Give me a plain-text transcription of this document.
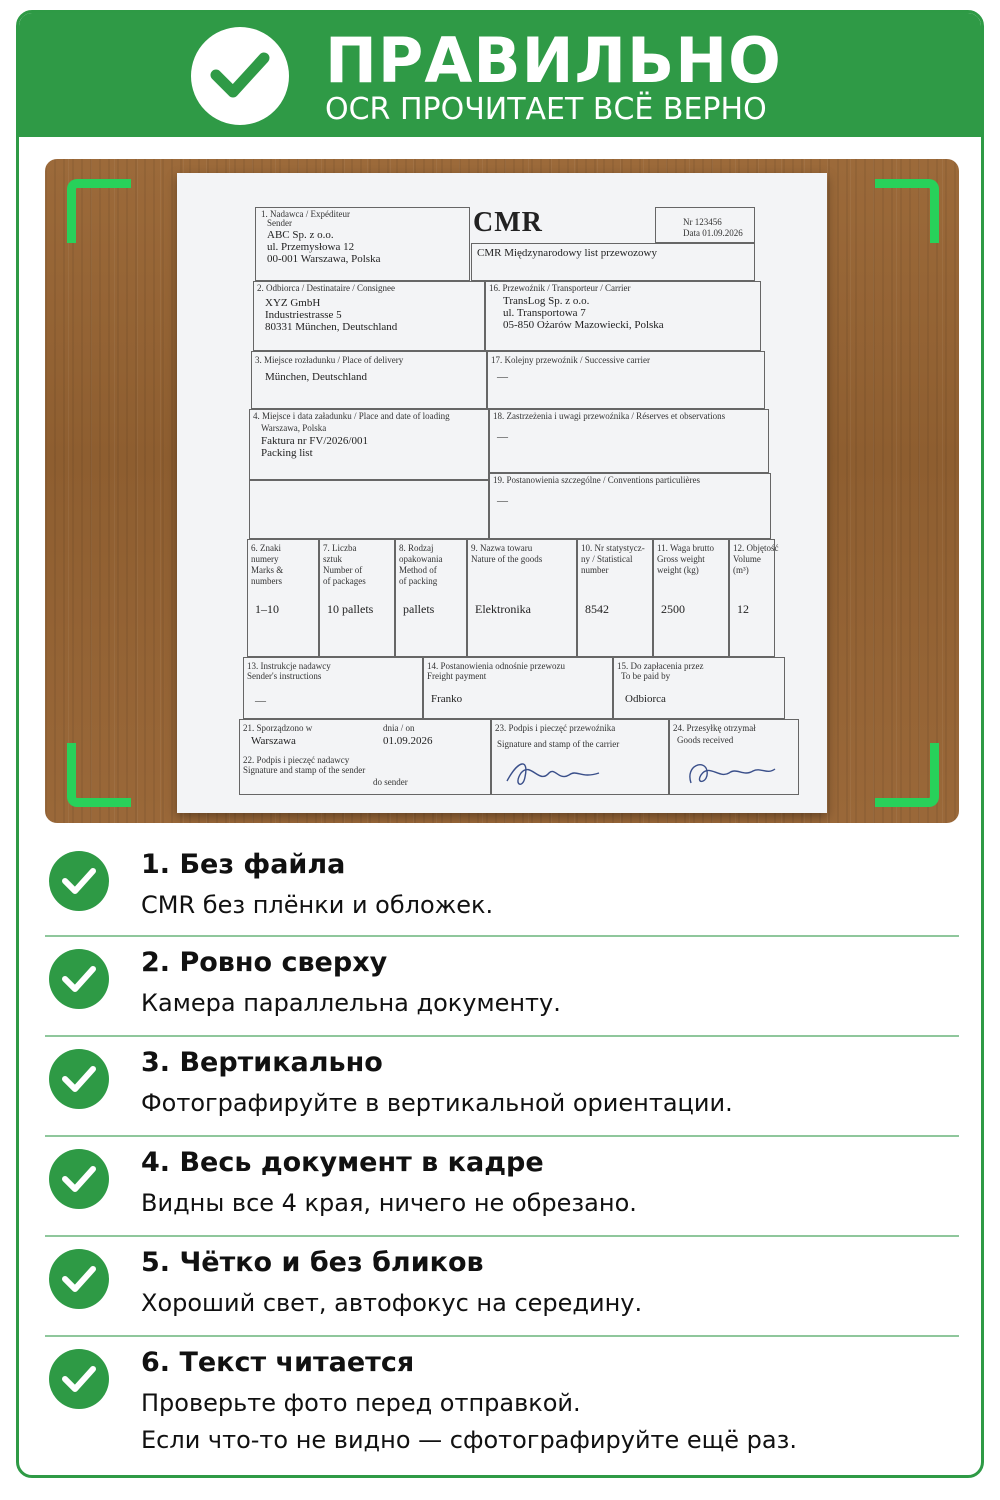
ПРАВИЛЬНО
OCR ПРОЧИТАЕТ ВСЁ ВЕРНО
1. Nadawca / Expéditeur
Sender
ABC Sp. z o.o.
ul. Przemysłowa 12
00-001 Warszawa, Polska
CMR	Nr 123456
Data 01.09.2026
CMR Międzynarodowy list przewozowy
2. Odbiorca / Destinataire / Consignee
XYZ GmbH
Industriestrasse 5
80331 München, Deutschland
16. Przewoźnik / Transporteur / Carrier
TransLog Sp. z o.o.
ul. Transportowa 7
05-850 Ożarów Mazowiecki, Polska
3. Miejsce rozładunku / Place of delivery
München, Deutschland
17. Kolejny przewoźnik / Successive carrier
—
4. Miejsce i data załadunku / Place and date of loading
Warszawa, Polska
Faktura nr FV/2026/001
Packing list
18. Zastrzeżenia i uwagi przewoźnika / Réserves et observations
—
19. Postanowienia szczególne / Conventions particulières
—
13. Instrukcje nadawcy
Sender's instructions
—
14. Postanowienia odnośnie przewozu
Freight payment
Franko
15. Do zapłacenia przez
To be paid by
Odbiorca
21. Sporządzono w
Warszawa
dnia / on
01.09.2026
22. Podpis i pieczęć nadawcy
Signature and stamp of the sender
do sender
23. Podpis i pieczęć przewoźnika
Signature and stamp of the carrier
24. Przesyłkę otrzymał
Goods received
6. Znaki
numery
Marks &
numbers
1–10
7. Liczba
sztuk
Number of
of packages
10 pallets
8. Rodzaj
opakowania
Method of
of packing
pallets
9. Nazwa towaru
Nature of the goods
Elektronika
10. Nr statystycz-
ny / Statistical
number
8542
11. Waga brutto
Gross weight
weight (kg)
2500
12. Objętość
Volume
(m³)
12
1. Без файла
CMR без плёнки и обложек.
2. Ровно сверху
Камера параллельна документу.
3. Вертикально
Фотографируйте в вертикальной ориентации.
4. Весь документ в кадре
Видны все 4 края, ничего не обрезано.
5. Чётко и без бликов
Хороший свет, автофокус на середину.
6. Текст читается
Проверьте фото перед отправкой.
Если что-то не видно — сфотографируйте ещё раз.
